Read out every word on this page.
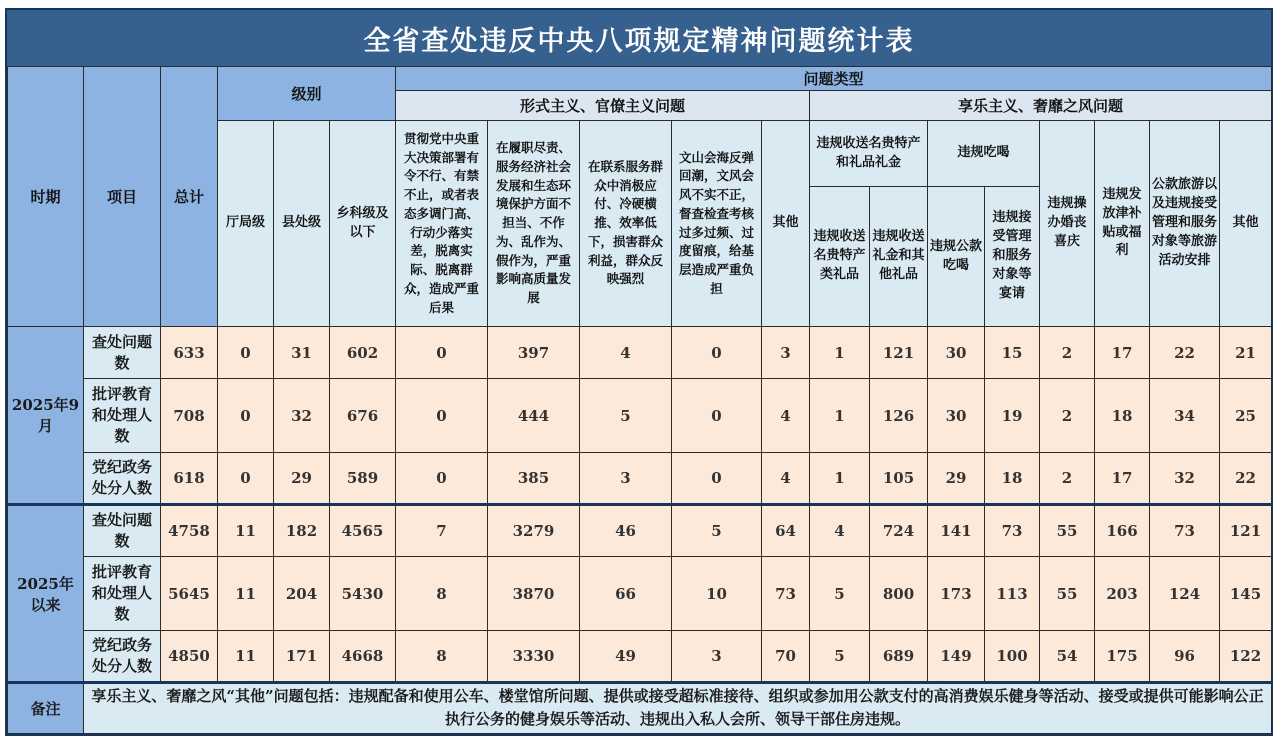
全省查处违反中央八项规定精神问题统计表
时期	项目	总计	级别			问题类型												
						形式主义、官僚主义问题					享乐主义、奢靡之风问题							
			厅局级	县处级	乡科级及以下	贯彻党中央重大决策部署有令不行、有禁不止，或者表态多调门高、行动少落实差，脱离实际、脱离群众，造成严重后果	在履职尽责、服务经济社会发展和生态环境保护方面不担当、不作为、乱作为、假作为，严重影响高质量发展	在联系服务群众中消极应付、冷硬横推、效率低下，损害群众利益，群众反映强烈	文山会海反弹回潮，文风会风不实不正，督查检查考核过多过频、过度留痕，给基层造成严重负担	其他	违规收送名贵特产和礼品礼金		违规吃喝		违规操办婚丧喜庆	违规发放津补贴或福利	公款旅游以及违规接受管理和服务对象等旅游活动安排	其他
											违规收送名贵特产类礼品	违规收送礼金和其他礼品	违规公款吃喝	违规接受管理和服务对象等宴请				
2025年9月	查处问题数	633	0	31	602	0	397	4	0	3	1	121	30	15	2	17	22	21
	批评教育和处理人数	708	0	32	676	0	444	5	0	4	1	126	30	19	2	18	34	25
	党纪政务处分人数	618	0	29	589	0	385	3	0	4	1	105	29	18	2	17	32	22
2025年以来	查处问题数	4758	11	182	4565	7	3279	46	5	64	4	724	141	73	55	166	73	121
	批评教育和处理人数	5645	11	204	5430	8	3870	66	10	73	5	800	173	113	55	203	124	145
	党纪政务处分人数	4850	11	171	4668	8	3330	49	3	70	5	689	149	100	54	175	96	122
备注	享乐主义、奢靡之风“其他”问题包括：违规配备和使用公车、楼堂馆所问题、提供或接受超标准接待、组织或参加用公款支付的高消费娱乐健身等活动、接受或提供可能影响公正执行公务的健身娱乐等活动、违规出入私人会所、领导干部住房违规。																	
